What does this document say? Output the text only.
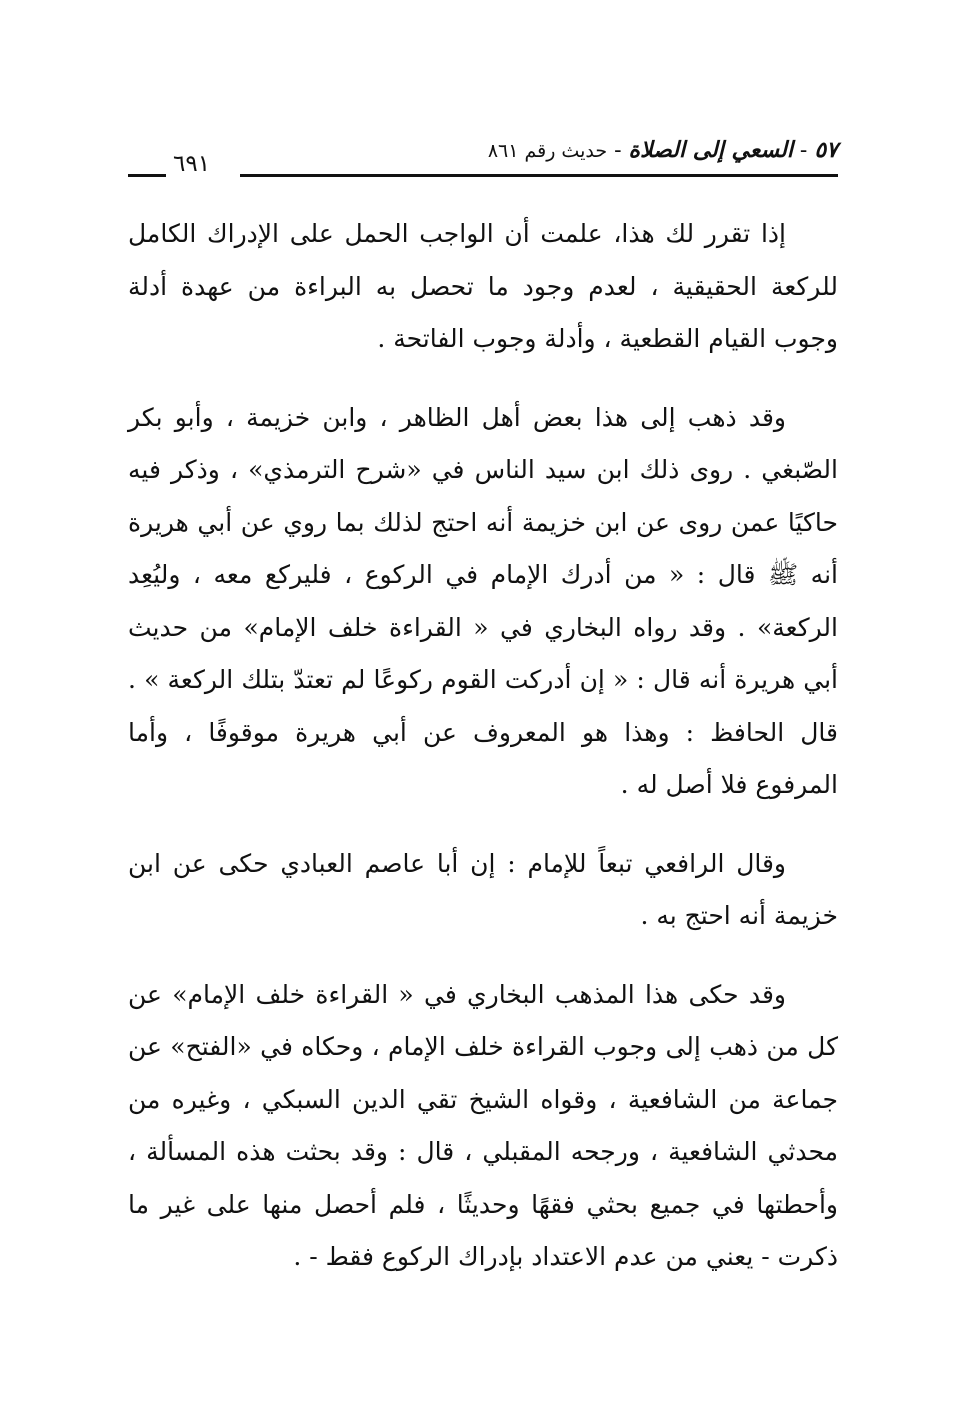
٥٧ - السعي إلى الصلاة - حديث رقم ٨٦١
٦٩١

إذا تقرر لك هذا، علمت أن الواجب الحمل على الإدراك الكامل للركعة الحقيقية ، لعدم وجود ما تحصل به البراءة من عهدة أدلة وجوب القيام القطعية ، وأدلة وجوب الفاتحة .

وقد ذهب إلى هذا بعض أهل الظاهر ، وابن خزيمة ، وأبو بكر الصّبغي . روى ذلك ابن سيد الناس في «شرح الترمذي» ، وذكر فيه حاكيًا عمن روى عن ابن خزيمة أنه احتج لذلك بما روي عن أبي هريرة أنه ﷺ قال : « من أدرك الإمام في الركوع ، فليركع معه ، وليُعِد الركعة» . وقد رواه البخاري في « القراءة خلف الإمام» من حديث أبي هريرة أنه قال : « إن أدركت القوم ركوعًا لم تعتدّ بتلك الركعة » . قال الحافظ : وهذا هو المعروف عن أبي هريرة موقوفًا ، وأما المرفوع فلا أصل له .

وقال الرافعي تبعاً للإمام : إن أبا عاصم العبادي حكى عن ابن خزيمة أنه احتج به .

وقد حكى هذا المذهب البخاري في « القراءة خلف الإمام» عن كل من ذهب إلى وجوب القراءة خلف الإمام ، وحكاه في «الفتح» عن جماعة من الشافعية ، وقواه الشيخ تقي الدين السبكي ، وغيره من محدثي الشافعية ، ورجحه المقبلي ، قال : وقد بحثت هذه المسألة ، وأحطتها في جميع بحثي فقهًا وحديثًا ، فلم أحصل منها على غير ما ذكرت - يعني من عدم الاعتداد بإدراك الركوع فقط - .
